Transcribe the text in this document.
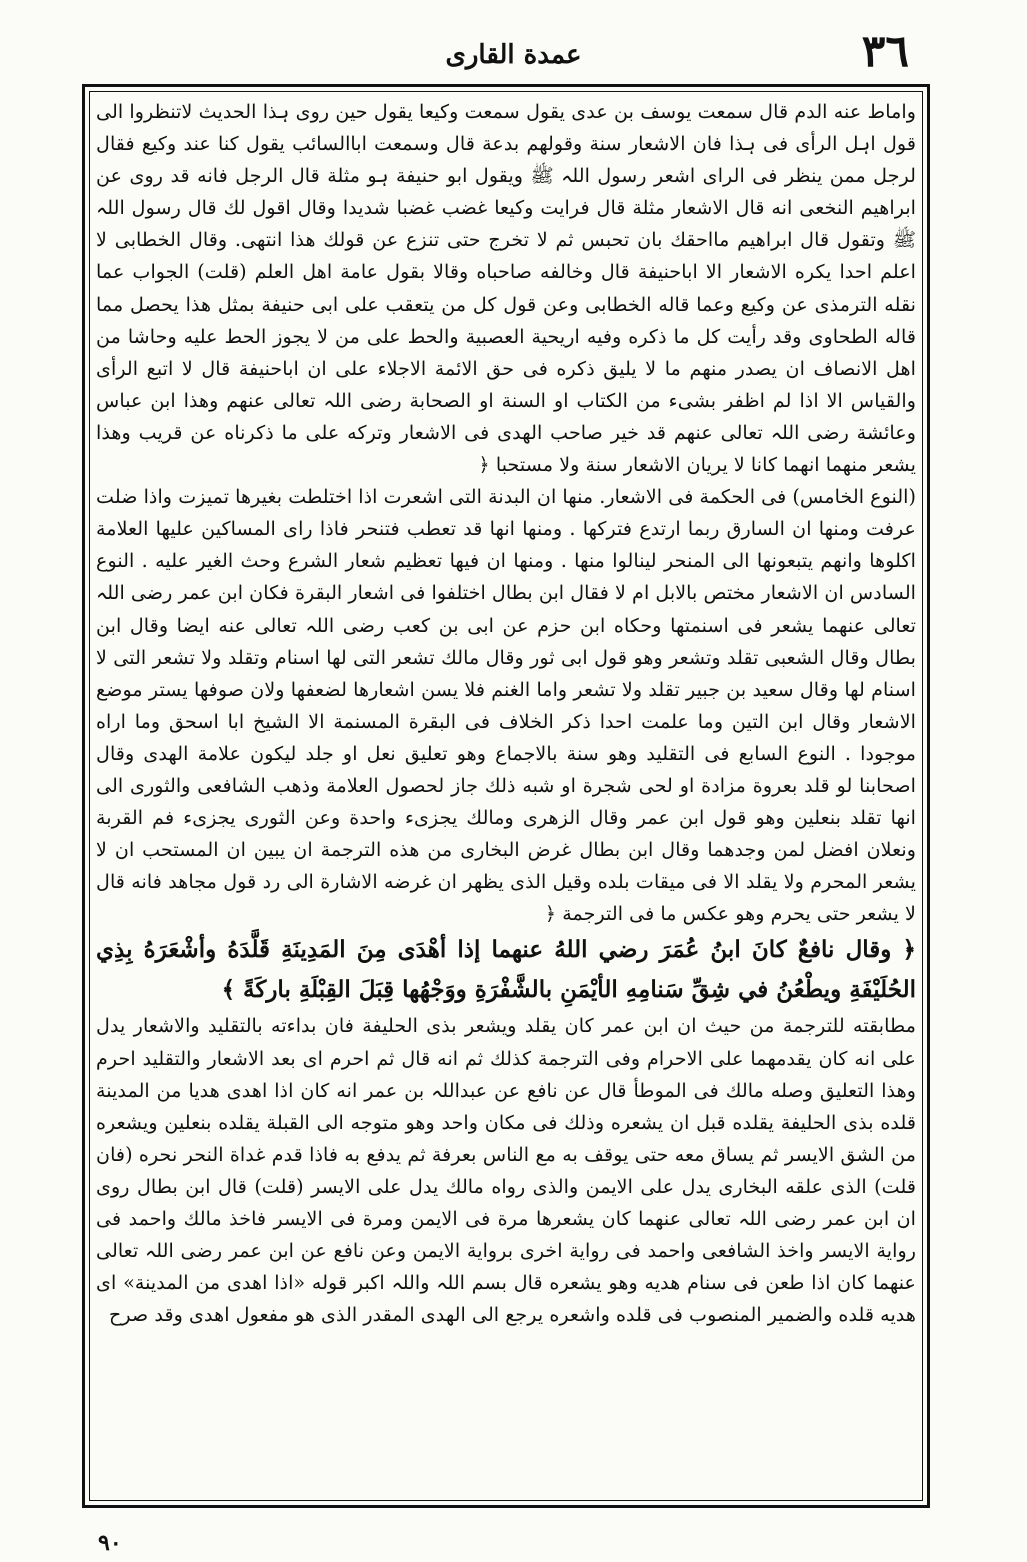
٣٦
عمدة القاری

واماط عنه الدم قال سمعت یوسف بن عدی یقول سمعت وکیعا یقول حین روی ہذا الحدیث لاتنظروا الی قول اہل الرأی فی ہذا فان الاشعار سنة وقولهم بدعة قال وسمعت اباالسائب یقول کنا عند وکیع فقال لرجل ممن ینظر فی الرای اشعر رسول اللہ ﷺ ویقول ابو حنیفة ہو مثلة قال الرجل فانه قد روی عن ابراهیم النخعی انه قال الاشعار مثلة قال فرایت وکیعا غضب غضبا شدیدا وقال اقول لك قال رسول اللہ ﷺ وتقول قال ابراهیم مااحقك بان تحبس ثم لا تخرج حتی تنزع عن قولك هذا انتهی. وقال الخطابی لا اعلم احدا یکره الاشعار الا اباحنیفة قال وخالفه صاحباه وقالا بقول عامة اهل العلم (قلت) الجواب عما نقله الترمذی عن وکیع وعما قاله الخطابی وعن قول کل من یتعقب علی ابی حنیفة بمثل هذا یحصل مما قاله الطحاوی وقد رأیت کل ما ذکره وفیه اریحیة العصبیة والحط علی من لا یجوز الحط علیه وحاشا من اهل الانصاف ان یصدر منهم ما لا یلیق ذکره فی حق الائمة الاجلاء علی ان اباحنیفة قال لا اتبع الرأی والقیاس الا اذا لم اظفر بشیء من الکتاب او السنة او الصحابة رضی اللہ تعالی عنهم وهذا ابن عباس وعائشة رضی اللہ تعالی عنهم قد خیر صاحب الهدی فی الاشعار وترکه علی ما ذکرناه عن قریب وهذا یشعر منهما انهما کانا لا یریان الاشعار سنة ولا مستحبا ﴿

(النوع الخامس) فی الحکمة فی الاشعار. منها ان البدنة التی اشعرت اذا اختلطت بغیرها تمیزت واذا ضلت عرفت ومنها ان السارق ربما ارتدع فترکها . ومنها انها قد تعطب فتنحر فاذا رای المساکین علیها العلامة اکلوها وانهم یتبعونها الی المنحر لینالوا منها . ومنها ان فیها تعظیم شعار الشرع وحث الغیر علیه . النوع السادس ان الاشعار مختص بالابل ام لا فقال ابن بطال اختلفوا فی اشعار البقرة فکان ابن عمر رضی اللہ تعالی عنهما یشعر فی اسنمتها وحکاه ابن حزم عن ابی بن کعب رضی اللہ تعالی عنه ایضا وقال ابن بطال وقال الشعبی تقلد وتشعر وهو قول ابی ثور وقال مالك تشعر التی لها اسنام وتقلد ولا تشعر التی لا اسنام لها وقال سعید بن جبیر تقلد ولا تشعر واما الغنم فلا یسن اشعارها لضعفها ولان صوفها یستر موضع الاشعار وقال ابن التین وما علمت احدا ذکر الخلاف فی البقرة المسنمة الا الشیخ ابا اسحق وما اراه موجودا . النوع السابع فی التقلید وهو سنة بالاجماع وهو تعلیق نعل او جلد لیکون علامة الهدی وقال اصحابنا لو قلد بعروة مزادة او لحی شجرة او شبه ذلك جاز لحصول العلامة وذهب الشافعی والثوری الی انها تقلد بنعلین وهو قول ابن عمر وقال الزهری ومالك یجزیء واحدة وعن الثوری یجزیء فم القربة ونعلان افضل لمن وجدهما وقال ابن بطال غرض البخاری من هذه الترجمة ان یبین ان المستحب ان لا یشعر المحرم ولا یقلد الا فی میقات بلده وقیل الذی یظهر ان غرضه الاشارة الی رد قول مجاهد فانه قال لا یشعر حتی یحرم وهو عکس ما فی الترجمة ﴿

﴿ وقال نافعٌ كانَ ابنُ عُمَرَ رضي اللهُ عنهما إذا أهْدَى مِنَ المَدِينَةِ قَلَّدَهُ وأشْعَرَهُ بِذِي الحُلَيْفَةِ ويطْعُنُ في شِقِّ سَنامِهِ الأيْمَنِ بالشَّفْرَةِ ووَجْهُها قِبَلَ القِبْلَةِ باركَةً ﴾

مطابقته للترجمة من حیث ان ابن عمر کان یقلد ویشعر بذی الحلیفة فان بداءته بالتقلید والاشعار یدل علی انه کان یقدمهما علی الاحرام وفی الترجمة کذلك ثم انه قال ثم احرم ای بعد الاشعار والتقلید احرم وهذا التعلیق وصله مالك فی الموطأ قال عن نافع عن عبداللہ بن عمر انه کان اذا اهدی هدیا من المدینة قلده بذی الحلیفة یقلده قبل ان یشعره وذلك فی مکان واحد وهو متوجه الی القبلة یقلده بنعلین ویشعره من الشق الایسر ثم یساق معه حتی یوقف به مع الناس بعرفة ثم یدفع به فاذا قدم غداة النحر نحره (فان قلت) الذی علقه البخاری یدل علی الایمن والذی رواه مالك یدل علی الایسر (قلت) قال ابن بطال روی ان ابن عمر رضی اللہ تعالی عنهما کان یشعرها مرة فی الایمن ومرة فی الایسر فاخذ مالك واحمد فی روایة الایسر واخذ الشافعی واحمد فی روایة اخری بروایة الایمن وعن نافع عن ابن عمر رضی اللہ تعالی عنهما کان اذا طعن فی سنام هدیه وهو یشعره قال بسم اللہ واللہ اکبر قوله «اذا اهدی من المدینة» ای هدیه قلده والضمیر المنصوب فی قلده واشعره یرجع الی الهدی المقدر الذی هو مفعول اهدی وقد صرح

٩٠
